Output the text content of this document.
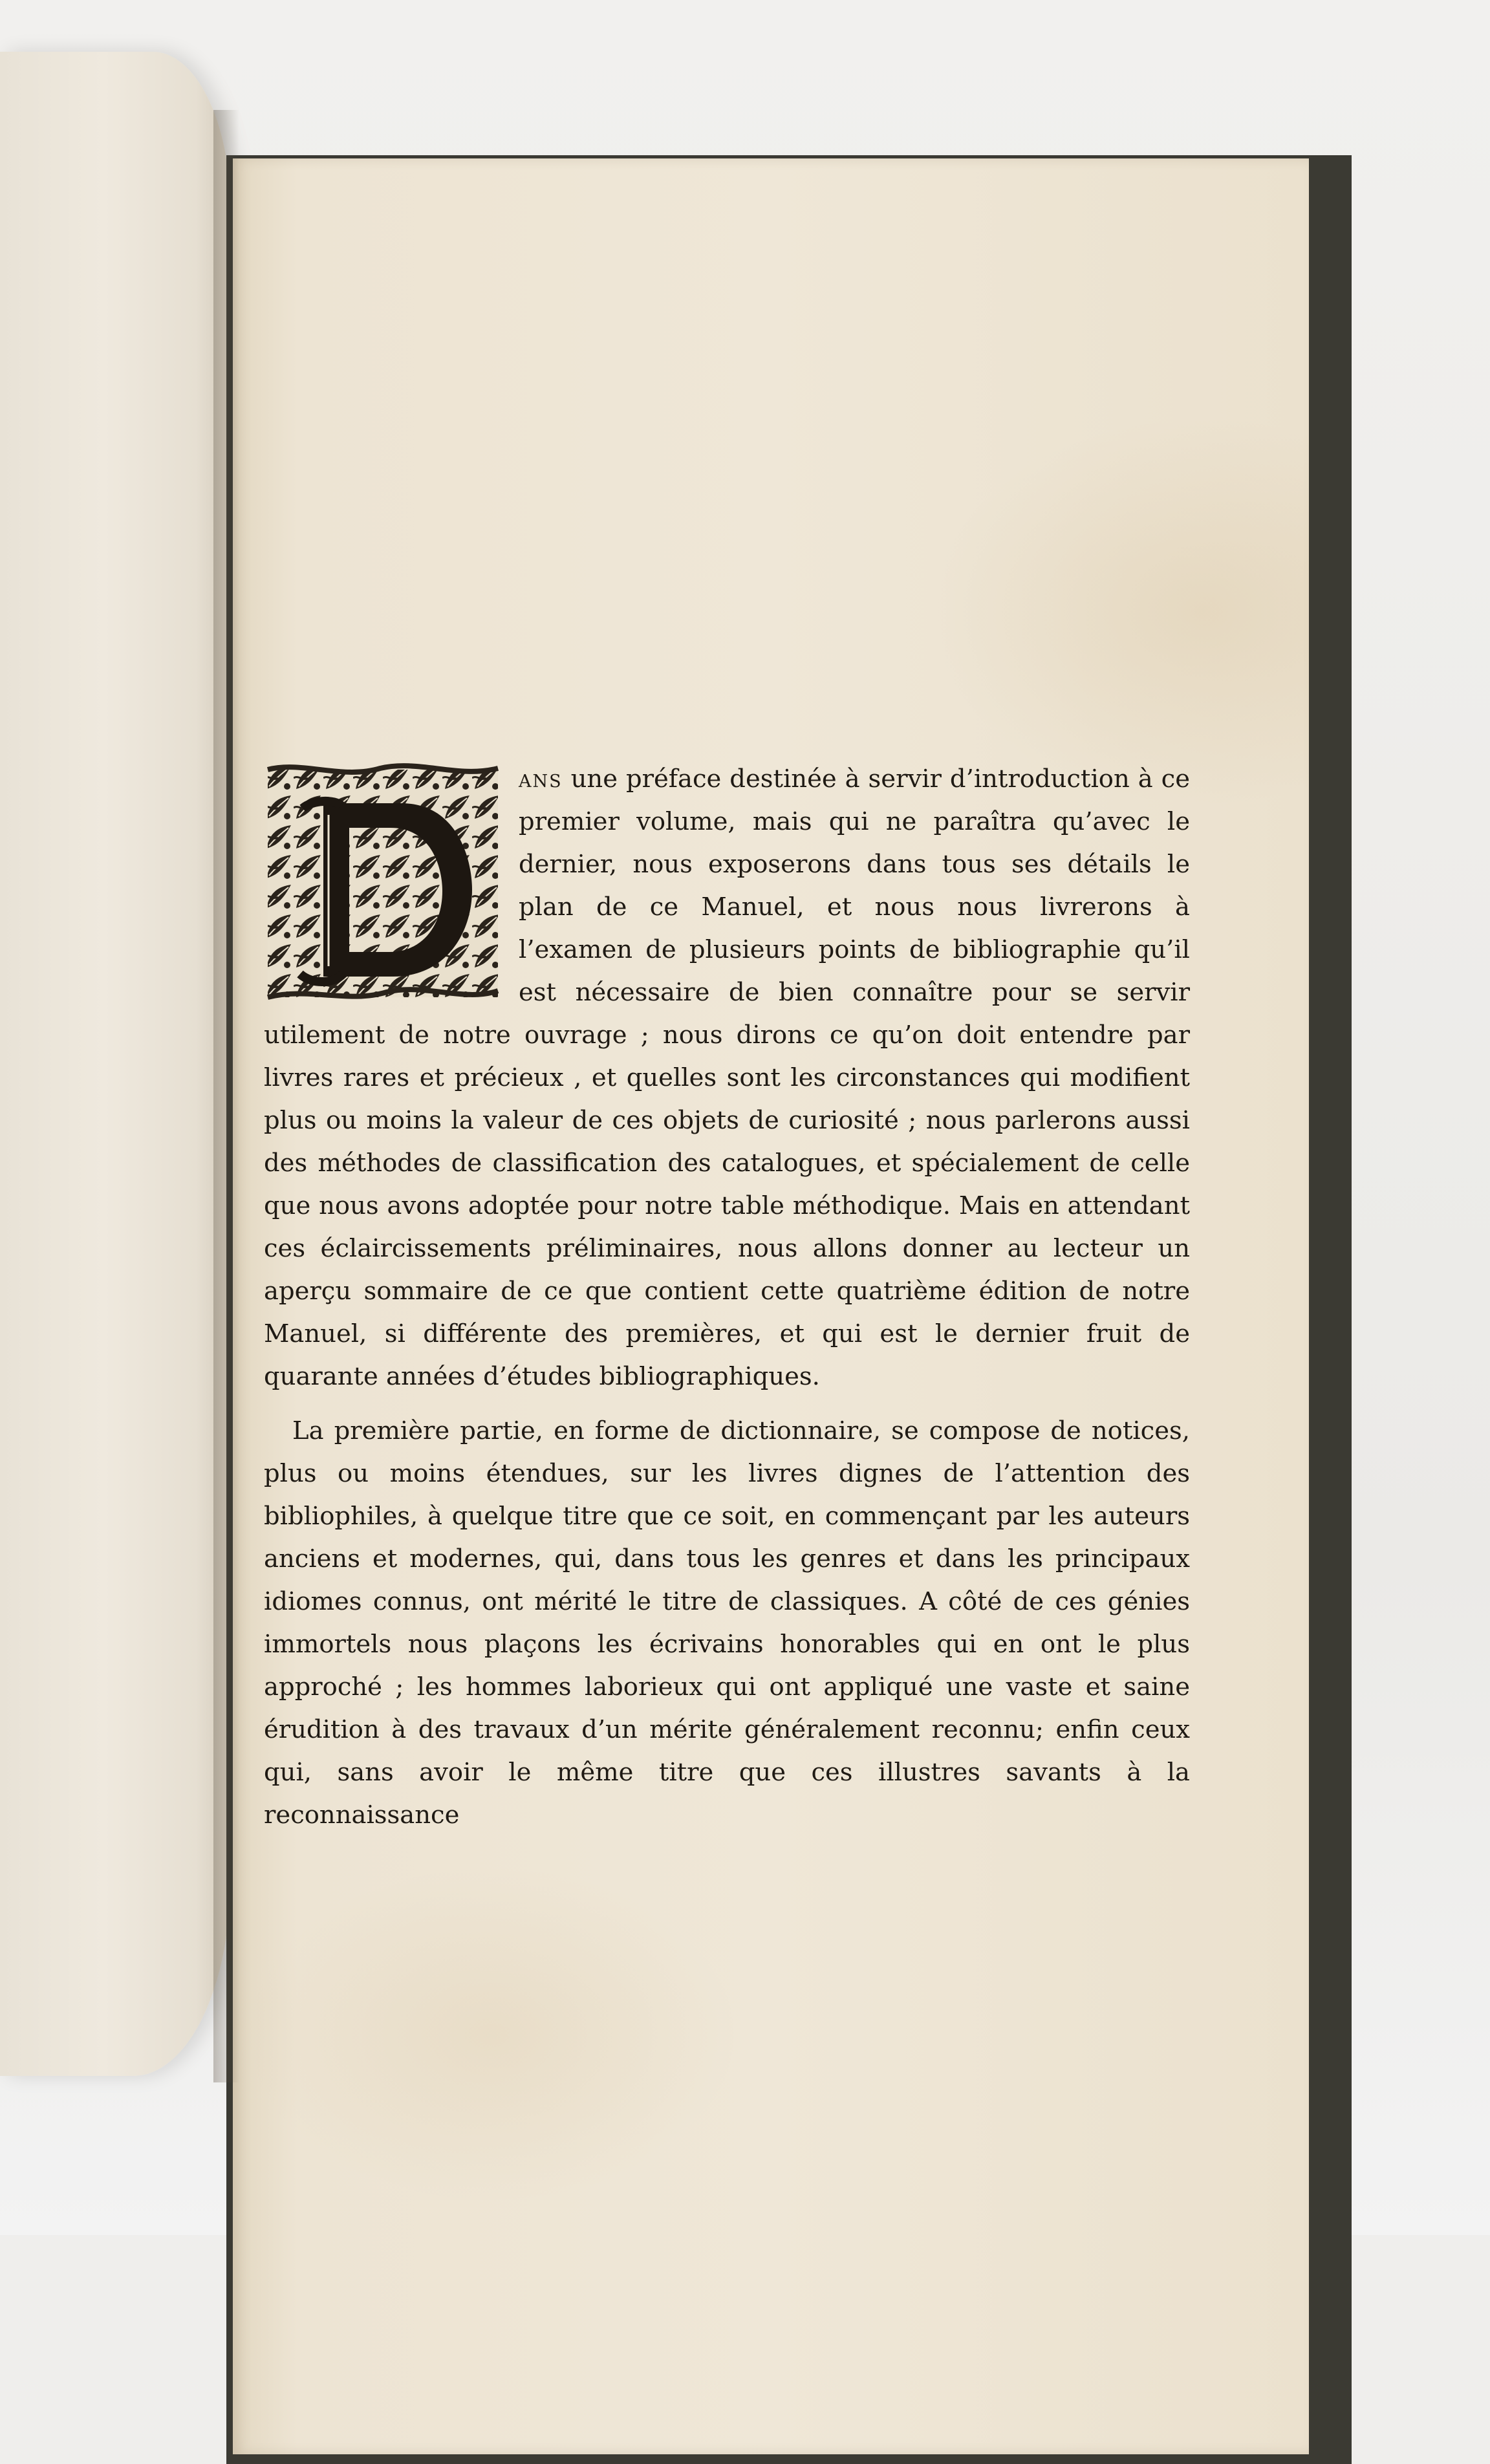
ans une préface destinée à servir d’introduction à ce premier volume, mais qui ne paraîtra qu’avec le dernier, nous exposerons dans tous ses détails le plan de ce Manuel, et nous nous livrerons à l’examen de plusieurs points de bibliographie qu’il est nécessaire de bien connaître pour se servir utilement de notre ouvrage ; nous dirons ce qu’on doit entendre par livres rares et précieux , et quelles sont les circonstances qui modifient plus ou moins la valeur de ces objets de curiosité ; nous parlerons aussi des méthodes de classification des catalogues, et spécialement de celle que nous avons adoptée pour notre table méthodique. Mais en attendant ces éclaircissements préliminaires, nous allons donner au lecteur un aperçu sommaire de ce que contient cette quatrième édition de notre Manuel, si différente des premières, et qui est le dernier fruit de quarante années d’études bibliographiques.

La première partie, en forme de dictionnaire, se compose de notices, plus ou moins étendues, sur les livres dignes de l’attention des bibliophiles, à quelque titre que ce soit, en commençant par les auteurs anciens et modernes, qui, dans tous les genres et dans les principaux idiomes connus, ont mérité le titre de classiques. A côté de ces génies immortels nous plaçons les écrivains honorables qui en ont le plus approché ; les hommes laborieux qui ont appliqué une vaste et saine érudition à des travaux d’un mérite généralement reconnu; enfin ceux qui, sans avoir le même titre que ces illustres savants à la reconnaissance
